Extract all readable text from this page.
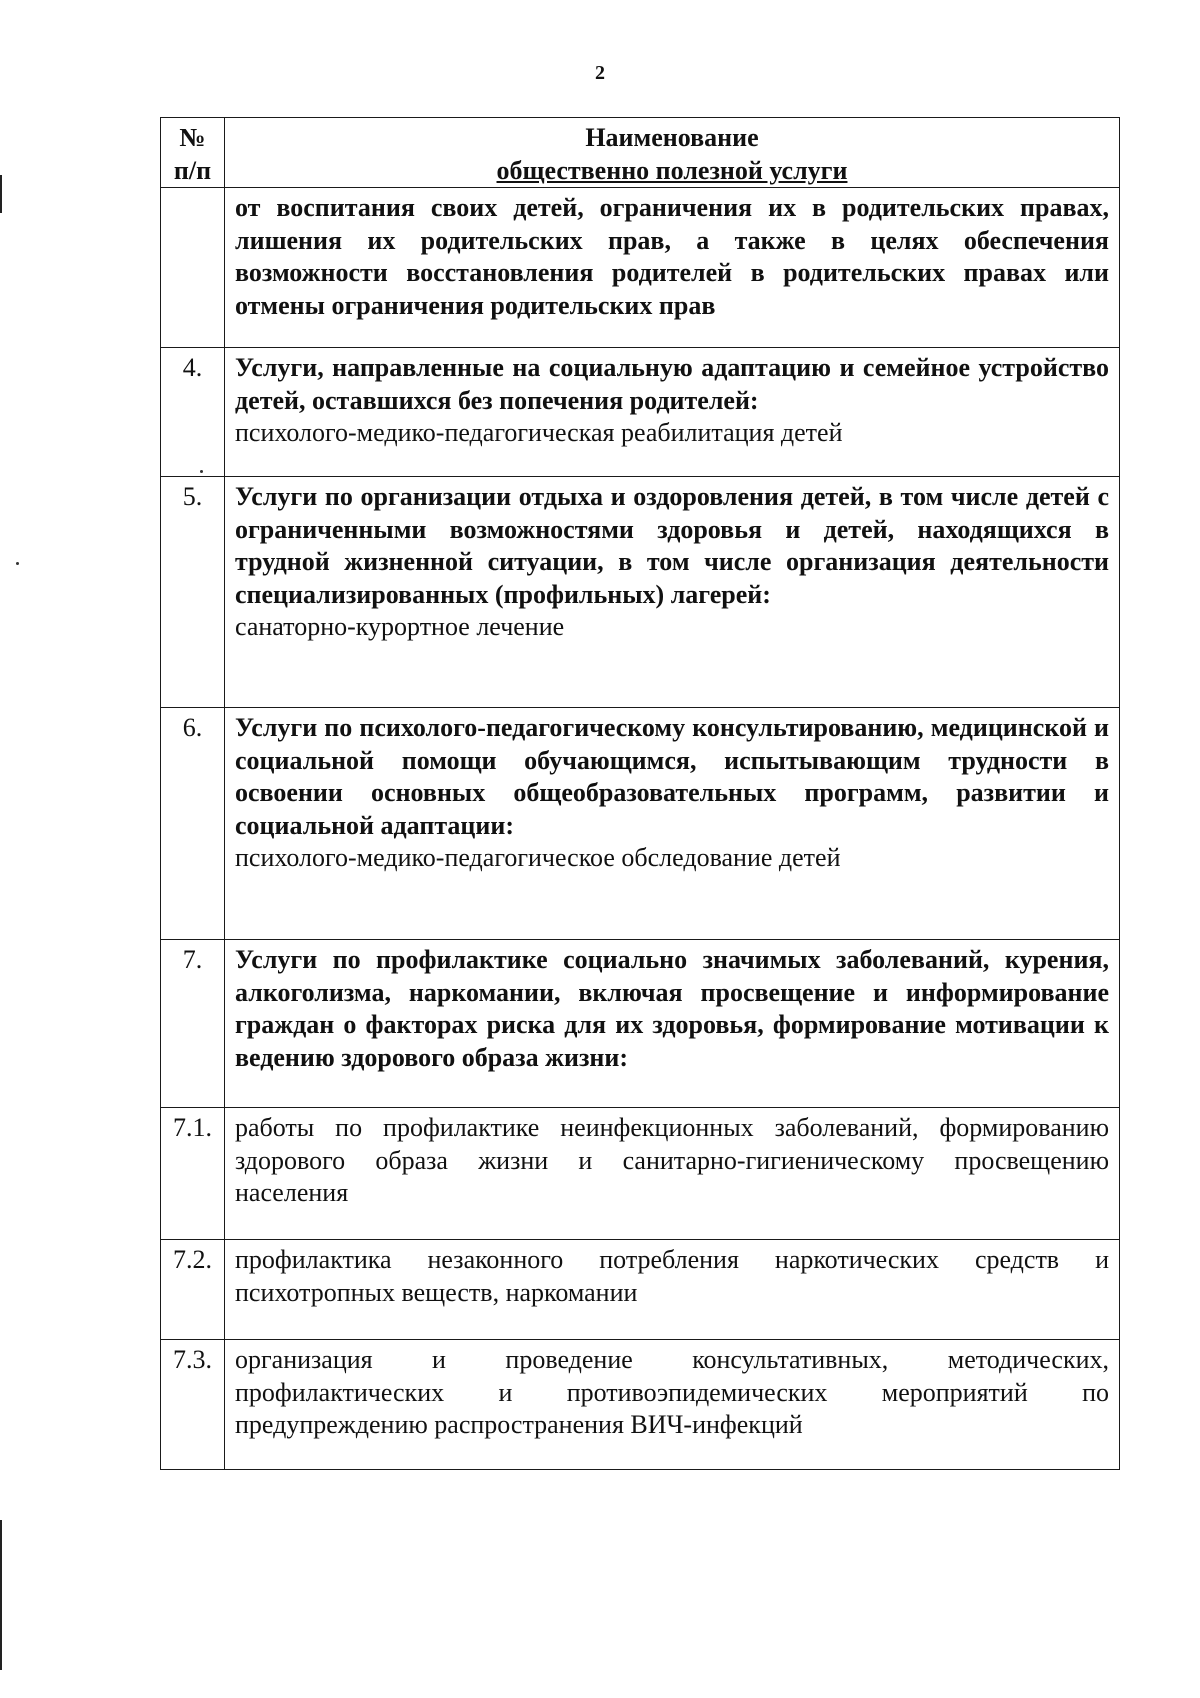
2
№
п/п	Наименование
общественно полезной услуги

	от воспитания своих детей, ограничения их в родительских правах, лишения их родительских прав, а также в целях обеспечения возможности восстановления родителей в родительских правах или отмены ограничения родительских прав

4.	Услуги, направленные на социальную адаптацию и семейное устройство детей, оставшихся без попечения родителей:
психолого-медико-педагогическая реабилитация детей

5.	Услуги по организации отдыха и оздоровления детей, в том числе детей с ограниченными возможностями здоровья и детей, находящихся в трудной жизненной ситуации, в том числе организация деятельности специализированных (профильных) лагерей:
санаторно-курортное лечение

6.	Услуги по психолого-педагогическому консультированию, медицинской и социальной помощи обучающимся, испытывающим трудности в освоении основных общеобразовательных программ, развитии и социальной адаптации:
психолого-медико-педагогическое обследование детей

7.	Услуги по профилактике социально значимых заболеваний, курения, алкоголизма, наркомании, включая просвещение и информирование граждан о факторах риска для их здоровья, формирование мотивации к ведению здорового образа жизни:

7.1.	работы по профилактике неинфекционных заболеваний, формированию здорового образа жизни и санитарно-гигиеническому просвещению населения

7.2.	профилактика незаконного потребления наркотических средств и психотропных веществ, наркомании

7.3.	организация и проведение консультативных, методических, профилактических и противоэпидемических мероприятий по предупреждению распространения ВИЧ-инфекций
